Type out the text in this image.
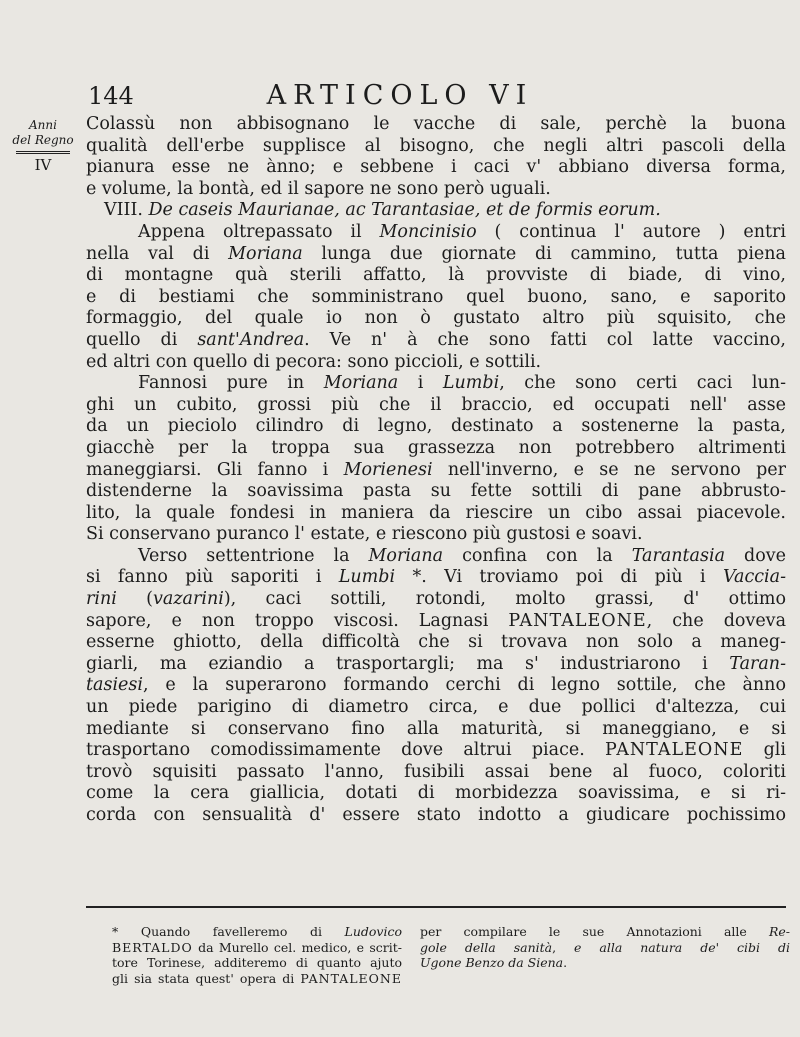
144	ARTICOLO VI
Anni
del Regno
IV
Colassù non abbisognano le vacche di sale, perchè la buona
qualità dell'erbe supplisce al bisogno, che negli altri pascoli della
pianura esse ne ànno; e sebbene i caci v' abbiano diversa forma,
e volume, la bontà, ed il sapore ne sono però uguali.
VIII. De caseis Maurianae, ac Tarantasiae, et de formis eorum.
Appena oltrepassato il Moncinisio ( continua l' autore ) entri
nella val di Moriana lunga due giornate di cammino, tutta piena
di montagne quà sterili affatto, là provviste di biade, di vino,
e di bestiami che somministrano quel buono, sano, e saporito
formaggio, del quale io non ò gustato altro più squisito, che
quello di sant'Andrea. Ve n' à che sono fatti col latte vaccino,
ed altri con quello di pecora: sono piccioli, e sottili.
Fannosi pure in Moriana i Lumbi, che sono certi caci lun-
ghi un cubito, grossi più che il braccio, ed occupati nell' asse
da un pieciolo cilindro di legno, destinato a sostenerne la pasta,
giacchè per la troppa sua grassezza non potrebbero altrimenti
maneggiarsi. Gli fanno i Morienesi nell'inverno, e se ne servono per
distenderne la soavissima pasta su fette sottili di pane abbrusto-
lito, la quale fondesi in maniera da riescire un cibo assai piacevole.
Si conservano puranco l' estate, e riescono più gustosi e soavi.
Verso settentrione la Moriana confina con la Tarantasia dove
si fanno più saporiti i Lumbi *. Vi troviamo poi di più i Vaccia-
rini (vazarini), caci sottili, rotondi, molto grassi, d' ottimo
sapore, e non troppo viscosi. Lagnasi PANTALEONE, che doveva
esserne ghiotto, della difficoltà che si trovava non solo a maneg-
giarli, ma eziandio a trasportargli; ma s' industriarono i Taran-
tasiesi, e la superarono formando cerchi di legno sottile, che ànno
un piede parigino di diametro circa, e due pollici d'altezza, cui
mediante si conservano fino alla maturità, si maneggiano, e si
trasportano comodissimamente dove altrui piace. PANTALEONE gli
trovò squisiti passato l'anno, fusibili assai bene al fuoco, coloriti
come la cera giallicia, dotati di morbidezza soavissima, e si ri-
corda con sensualità d' essere stato indotto a giudicare pochissimo
* Quando favelleremo di Ludovico
BERTALDO da Murello cel. medico, e scrit-
tore Torinese, additeremo di quanto ajuto
gli sia stata quest' opera di PANTALEONE
per compilare le sue Annotazioni alle Re-
gole della sanità, e alla natura de' cibi di
Ugone Benzo da Siena.
